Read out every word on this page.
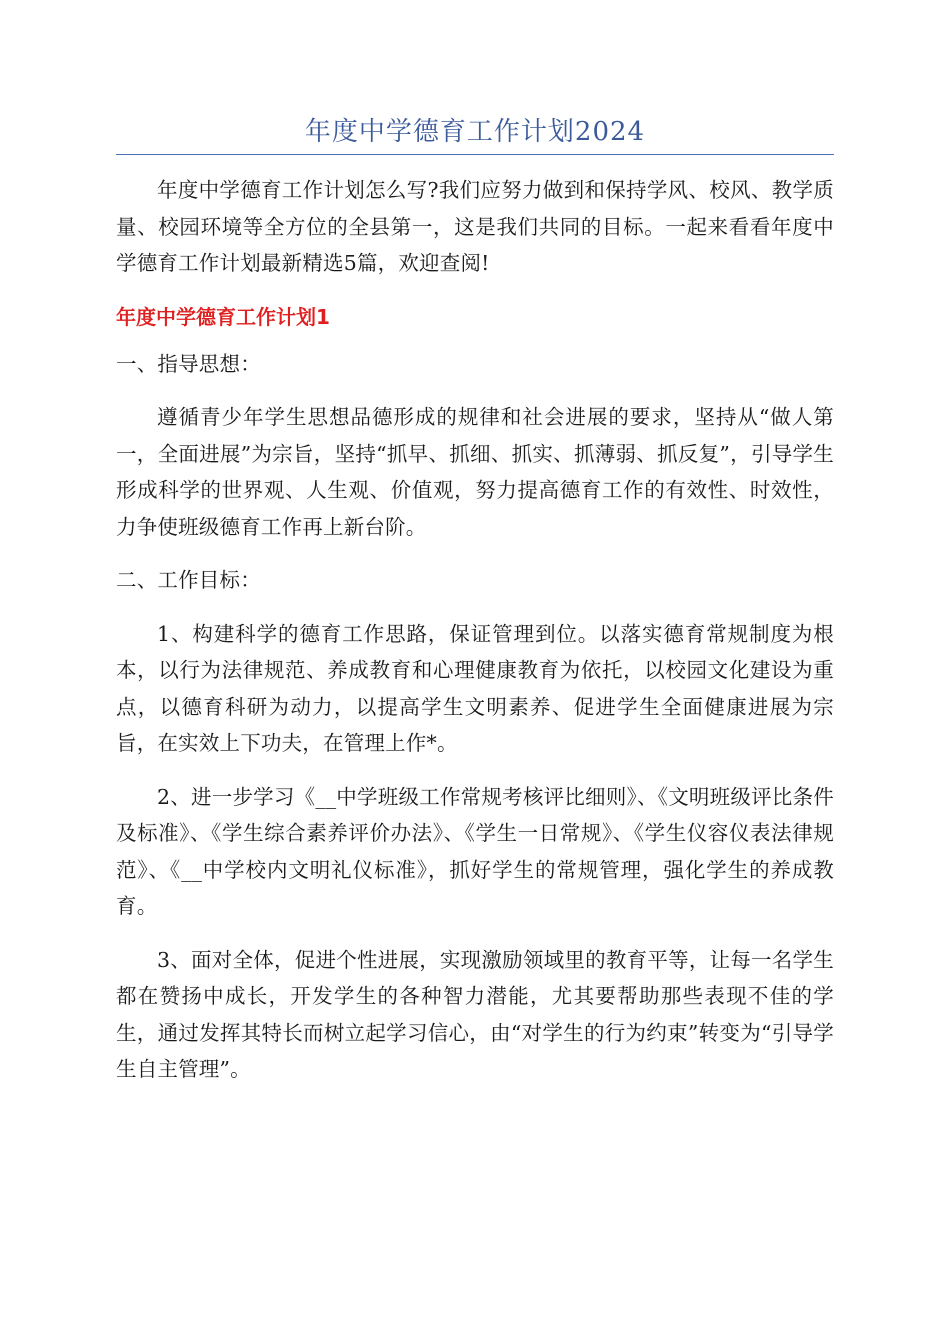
年度中学德育工作计划2024

年度中学德育工作计划怎么写?我们应努力做到和保持学风、校风、教学质量、校园环境等全方位的全县第一，这是我们共同的目标。一起来看看年度中学德育工作计划最新精选5篇，欢迎查阅!

年度中学德育工作计划1

一、指导思想：

遵循青少年学生思想品德形成的规律和社会进展的要求，坚持从“做人第一，全面进展”为宗旨，坚持“抓早、抓细、抓实、抓薄弱、抓反复”，引导学生形成科学的世界观、人生观、价值观，努力提高德育工作的有效性、时效性，力争使班级德育工作再上新台阶。

二、工作目标：

1、构建科学的德育工作思路，保证管理到位。以落实德育常规制度为根本，以行为法律规范、养成教育和心理健康教育为依托，以校园文化建设为重点，以德育科研为动力，以提高学生文明素养、促进学生全面健康进展为宗旨，在实效上下功夫，在管理上作*。

2、进一步学习《__中学班级工作常规考核评比细则》、《文明班级评比条件及标准》、《学生综合素养评价办法》、《学生一日常规》、《学生仪容仪表法律规范》、《__中学校内文明礼仪标准》，抓好学生的常规管理，强化学生的养成教育。

3、面对全体，促进个性进展，实现激励领域里的教育平等，让每一名学生都在赞扬中成长，开发学生的各种智力潜能，尤其要帮助那些表现不佳的学生，通过发挥其特长而树立起学习信心，由“对学生的行为约束”转变为“引导学生自主管理”。
